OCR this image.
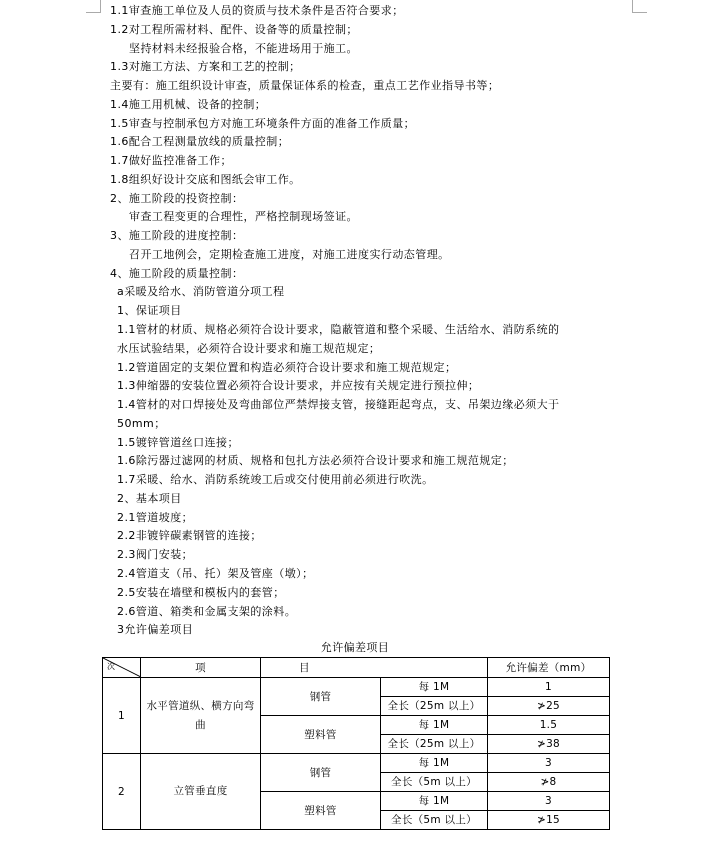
1.1审查施工单位及人员的资质与技术条件是否符合要求；
1.2对工程所需材料、配件、设备等的质量控制；
坚持材料未经报验合格，不能进场用于施工。
1.3对施工方法、方案和工艺的控制；
主要有：施工组织设计审查，质量保证体系的检查，重点工艺作业指导书等；
1.4施工用机械、设备的控制；
1.5审查与控制承包方对施工环境条件方面的准备工作质量；
1.6配合工程测量放线的质量控制；
1.7做好监控准备工作；
1.8组织好设计交底和图纸会审工作。
2、施工阶段的投资控制：
审查工程变更的合理性，严格控制现场签证。
3、施工阶段的进度控制：
召开工地例会，定期检查施工进度，对施工进度实行动态管理。
4、施工阶段的质量控制：
a采暖及给水、消防管道分项工程
1、保证项目
1.1管材的材质、规格必须符合设计要求，隐蔽管道和整个采暖、生活给水、消防系统的
水压试验结果，必须符合设计要求和施工规范规定；
1.2管道固定的支架位置和构造必须符合设计要求和施工规范规定；
1.3伸缩器的安装位置必须符合设计要求，并应按有关规定进行预拉伸；
1.4管材的对口焊接处及弯曲部位严禁焊接支管，接缝距起弯点，支、吊架边缘必须大于
50mm；
1.5镀锌管道丝口连接；
1.6除污器过滤网的材质、规格和包扎方法必须符合设计要求和施工规范规定；
1.7采暖、给水、消防系统竣工后或交付使用前必须进行吹洗。
2、基本项目
2.1管道坡度；
2.2非镀锌碳素钢管的连接；
2.3阀门安装；
2.4管道支（吊、托）架及管座（墩）；
2.5安装在墙壁和模板内的套管；
2.6管道、箱类和金属支架的涂料。
3允许偏差项目
允许偏差项目
次	项	目		允许偏差（mm）
1	水平管道纵、横方向弯曲	钢管	每 1M	1
			全长（25m 以上）	≯25
		塑料管	每 1M	1.5
			全长（25m 以上）	≯38
2	立管垂直度	钢管	每 1M	3
			全长（5m 以上）	≯8
		塑料管	每 1M	3
			全长（5m 以上）	≯15
